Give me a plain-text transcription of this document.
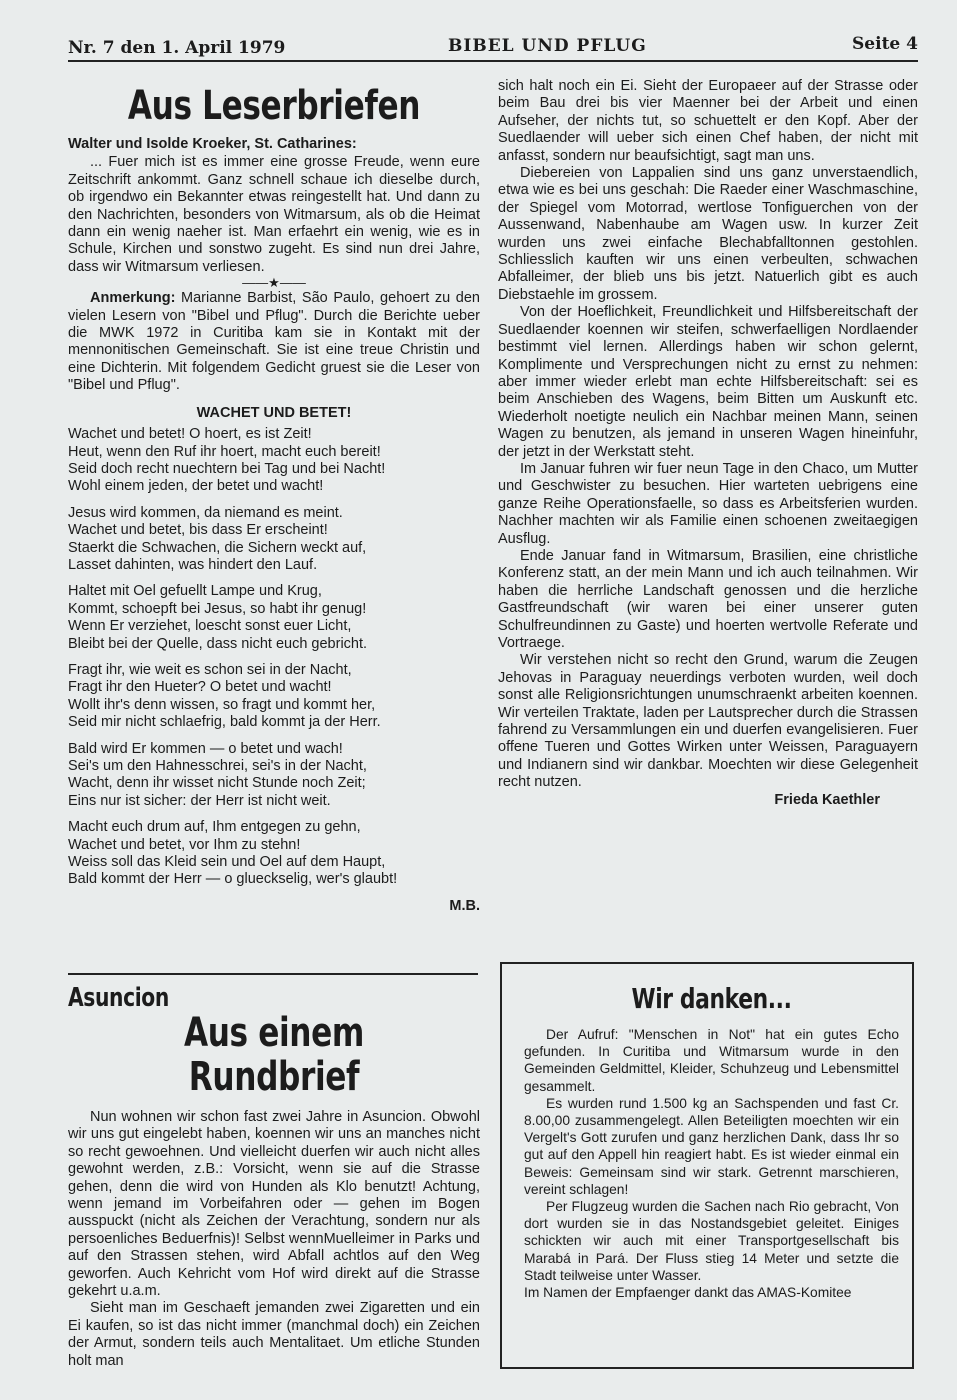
Nr. 7 den 1. April 1979	BIBEL UND PFLUG	Seite 4
Aus Leserbriefen
Walter und Isolde Kroeker, St. Catharines:

... Fuer mich ist es immer eine grosse Freude, wenn eure Zeitschrift ankommt. Ganz schnell schaue ich dieselbe durch, ob irgendwo ein Bekannter etwas reingestellt hat. Und dann zu den Nachrichten, besonders von Witmarsum, als ob die Heimat dann ein wenig naeher ist. Man erfaehrt ein wenig, wie es in Schule, Kirchen und sonstwo zugeht. Es sind nun drei Jahre, dass wir Witmarsum verliesen.

——★——

Anmerkung: Marianne Barbist, São Paulo, gehoert zu den vielen Lesern von "Bibel und Pflug". Durch die Berichte ueber die MWK 1972 in Curitiba kam sie in Kontakt mit der mennonitischen Gemeinschaft. Sie ist eine treue Christin und eine Dichterin. Mit folgendem Gedicht gruest sie die Leser von "Bibel und Pflug".

WACHET UND BETET!
Wachet und betet! O hoert, es ist Zeit!
Heut, wenn den Ruf ihr hoert, macht euch bereit!
Seid doch recht nuechtern bei Tag und bei Nacht!
Wohl einem jeden, der betet und wacht!
Jesus wird kommen, da niemand es meint.
Wachet und betet, bis dass Er erscheint!
Staerkt die Schwachen, die Sichern weckt auf,
Lasset dahinten, was hindert den Lauf.
Haltet mit Oel gefuellt Lampe und Krug,
Kommt, schoepft bei Jesus, so habt ihr genug!
Wenn Er verziehet, loescht sonst euer Licht,
Bleibt bei der Quelle, dass nicht euch gebricht.
Fragt ihr, wie weit es schon sei in der Nacht,
Fragt ihr den Hueter? O betet und wacht!
Wollt ihr's denn wissen, so fragt und kommt her,
Seid mir nicht schlaefrig, bald kommt ja der Herr.
Bald wird Er kommen — o betet und wach!
Sei's um den Hahnesschrei, sei's in der Nacht,
Wacht, denn ihr wisset nicht Stunde noch Zeit;
Eins nur ist sicher: der Herr ist nicht weit.
Macht euch drum auf, Ihm entgegen zu gehn,
Wachet und betet, vor Ihm zu stehn!
Weiss soll das Kleid sein und Oel auf dem Haupt,
Bald kommt der Herr — o glueckselig, wer's glaubt!
M.B.
Asuncion
Aus einem Rundbrief

Nun wohnen wir schon fast zwei Jahre in Asuncion. Obwohl wir uns gut eingelebt haben, koennen wir uns an manches nicht so recht gewoehnen. Und vielleicht duerfen wir auch nicht alles gewohnt werden, z.B.: Vorsicht, wenn sie auf die Strasse gehen, denn die wird von Hunden als Klo benutzt! Achtung, wenn jemand im Vorbeifahren oder — gehen im Bogen ausspuckt (nicht als Zeichen der Verachtung, sondern nur als persoenliches Beduerfnis)! Selbst wennMuelleimer in Parks und auf den Strassen stehen, wird Abfall achtlos auf den Weg geworfen. Auch Kehricht vom Hof wird direkt auf die Strasse gekehrt u.a.m.

Sieht man im Geschaeft jemanden zwei Zigaretten und ein Ei kaufen, so ist das nicht immer (manchmal doch) ein Zeichen der Armut, sondern teils auch Mentalitaet. Um etliche Stunden holt man

sich halt noch ein Ei. Sieht der Europaeer auf der Strasse oder beim Bau drei bis vier Maenner bei der Arbeit und einen Aufseher, der nichts tut, so schuettelt er den Kopf. Aber der Suedlaender will ueber sich einen Chef haben, der nicht mit anfasst, sondern nur beaufsichtigt, sagt man uns.

Diebereien von Lappalien sind uns ganz unverstaendlich, etwa wie es bei uns geschah: Die Raeder einer Waschmaschine, der Spiegel vom Motorrad, wertlose Tonfiguerchen von der Aussenwand, Nabenhaube am Wagen usw. In kurzer Zeit wurden uns zwei einfache Blechabfalltonnen gestohlen. Schliesslich kauften wir uns einen verbeulten, schwachen Abfalleimer, der blieb uns bis jetzt. Natuerlich gibt es auch Diebstaehle im grossem.

Von der Hoeflichkeit, Freundlichkeit und Hilfsbereitschaft der Suedlaender koennen wir steifen, schwerfaelligen Nordlaender bestimmt viel lernen. Allerdings haben wir schon gelernt, Komplimente und Versprechungen nicht zu ernst zu nehmen: aber immer wieder erlebt man echte Hilfsbereitschaft: sei es beim Anschieben des Wagens, beim Bitten um Auskunft etc. Wiederholt noetigte neulich ein Nachbar meinen Mann, seinen Wagen zu benutzen, als jemand in unseren Wagen hineinfuhr, der jetzt in der Werkstatt steht.

Im Januar fuhren wir fuer neun Tage in den Chaco, um Mutter und Geschwister zu besuchen. Hier warteten uebrigens eine ganze Reihe Operationsfaelle, so dass es Arbeitsferien wurden. Nachher machten wir als Familie einen schoenen zweitaegigen Ausflug.

Ende Januar fand in Witmarsum, Brasilien, eine christliche Konferenz statt, an der mein Mann und ich auch teilnahmen. Wir haben die herrliche Landschaft genossen und die herzliche Gastfreundschaft (wir waren bei einer unserer guten Schulfreundinnen zu Gaste) und hoerten wertvolle Referate und Vortraege.

Wir verstehen nicht so recht den Grund, warum die Zeugen Jehovas in Paraguay neuerdings verboten wurden, weil doch sonst alle Religionsrichtungen unumschraenkt arbeiten koennen. Wir verteilen Traktate, laden per Lautsprecher durch die Strassen fahrend zu Versammlungen ein und duerfen evangelisieren. Fuer offene Tueren und Gottes Wirken unter Weissen, Paraguayern und Indianern sind wir dankbar. Moechten wir diese Gelegenheit recht nutzen.

Frieda Kaethler
Wir danken...

Der Aufruf: "Menschen in Not" hat ein gutes Echo gefunden. In Curitiba und Witmarsum wurde in den Gemeinden Geldmittel, Kleider, Schuhzeug und Lebensmittel gesammelt.

Es wurden rund 1.500 kg an Sachspenden und fast Cr. 8.00,00 zusammengelegt. Allen Beteiligten moechten wir ein Vergelt's Gott zurufen und ganz herzlichen Dank, dass Ihr so gut auf den Appell hin reagiert habt. Es ist wieder einmal ein Beweis: Gemeinsam sind wir stark. Getrennt marschieren, vereint schlagen!

Per Flugzeug wurden die Sachen nach Rio gebracht, Von dort wurden sie in das Nostandsgebiet geleitet. Einiges schickten wir auch mit einer Transportgesellschaft bis Marabá in Pará. Der Fluss stieg 14 Meter und setzte die Stadt teilweise unter Wasser.

Im Namen der Empfaenger dankt das AMAS-Komitee
